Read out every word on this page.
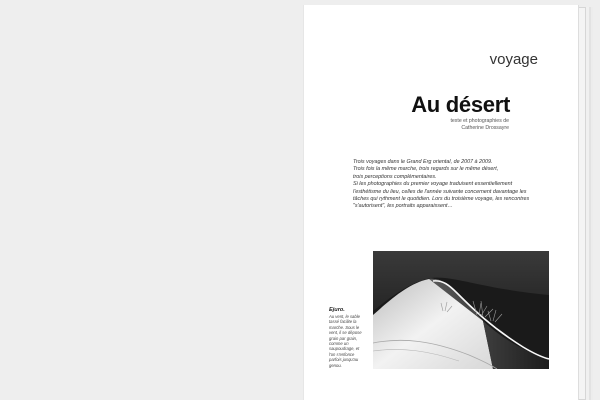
voyage
Au désert
texte et photographies de
Catherine Drossayre
Trois voyages dans le Grand Erg oriental, de 2007 à 2009.
Trois fois la même marche, trois regards sur le même désert,
trois perceptions complémentaires.
Si les photographies du premier voyage traduisent essentiellement
l'esthétisme du lieu, celles de l'année suivante concernent davantage les
tâches qui rythment le quotidien. Lors du troisième voyage, les rencontres
"s'autorisent", les portraits apparaissent…
Ejuro.
Au vent, le sable
tassé facilite la
marche. Sous le
vent, il se dépose
grain par grain,
comme un
saupoudrage, et
l'on s'enfonce
parfois jusqu'au
genou.
